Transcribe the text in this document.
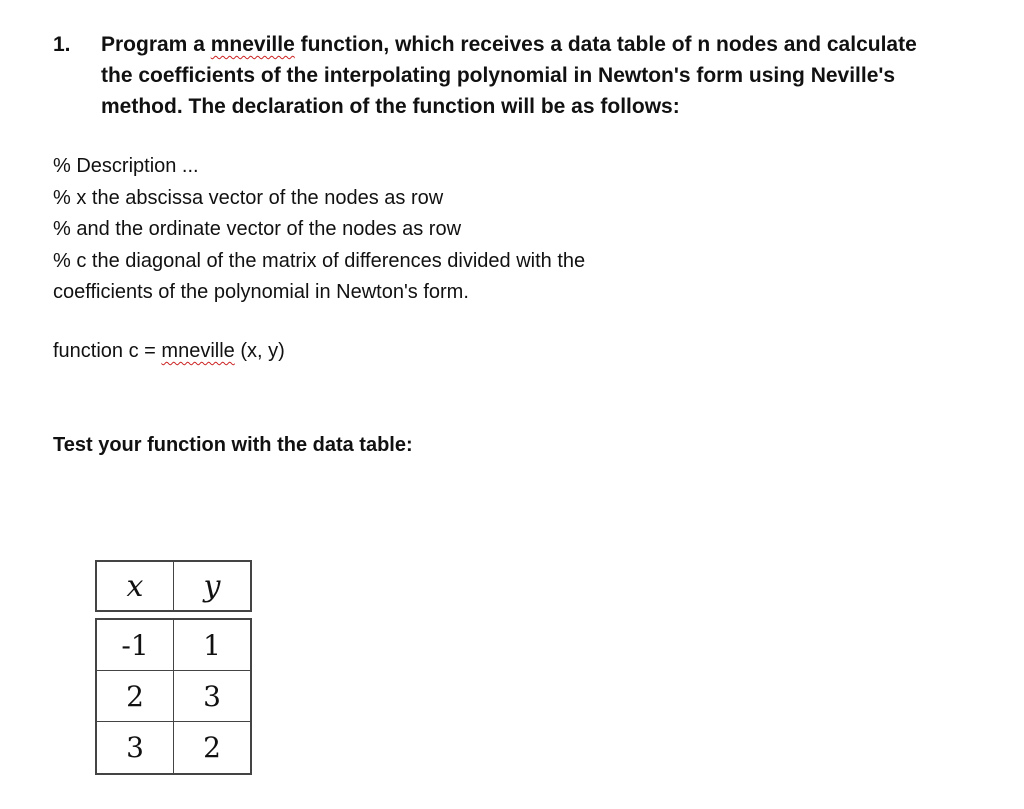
1. Program a mneville function, which receives a data table of n nodes and calculate
the coefficients of the interpolating polynomial in Newton's form using Neville's
method. The declaration of the function will be as follows:
% Description ...
% x the abscissa vector of the nodes as row
% and the ordinate vector of the nodes as row
% c the diagonal of the matrix of differences divided with the
coefficients of the polynomial in Newton's form.
function c = mneville (x, y)
Test your function with the data table:
x	y
-1	1
2	3
3	2
